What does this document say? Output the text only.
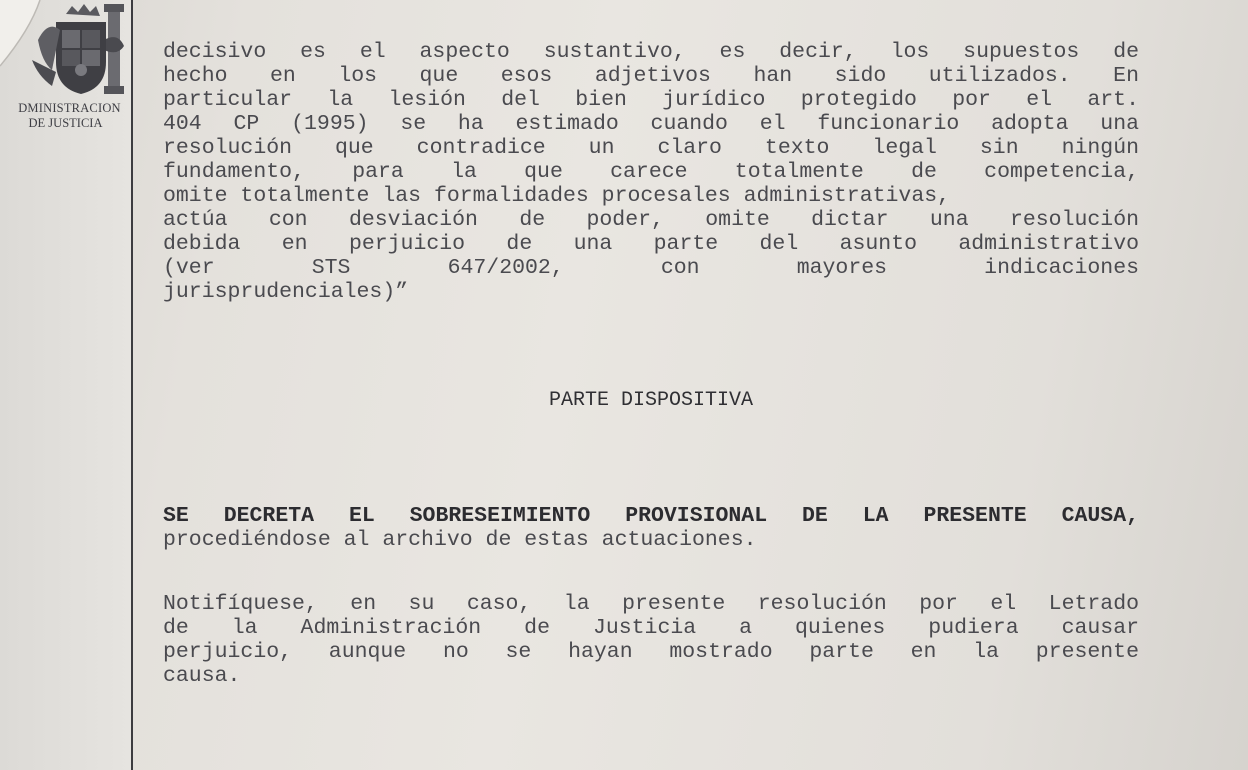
DMINISTRACION
DE JUSTICIA

decisivo es el aspecto sustantivo, es decir, los supuestos de

hecho en los que esos adjetivos han sido utilizados. En

particular la lesión del bien jurídico protegido por el art.

404 CP (1995) se ha estimado cuando el funcionario adopta una

resolución que contradice un claro texto legal sin ningún

fundamento, para la que carece totalmente de competencia,

omite totalmente las formalidades procesales administrativas,

actúa con desviación de poder, omite dictar una resolución

debida en perjuicio de una parte del asunto administrativo

(ver STS 647/2002, con mayores indicaciones

jurisprudenciales)”

PARTE DISPOSITIVA

SE DECRETA EL SOBRESEIMIENTO PROVISIONAL DE LA PRESENTE CAUSA,

procediéndose al archivo de estas actuaciones.

Notifíquese, en su caso, la presente resolución por el Letrado

de la Administración de Justicia a quienes pudiera causar

perjuicio, aunque no se hayan mostrado parte en la presente

causa.
